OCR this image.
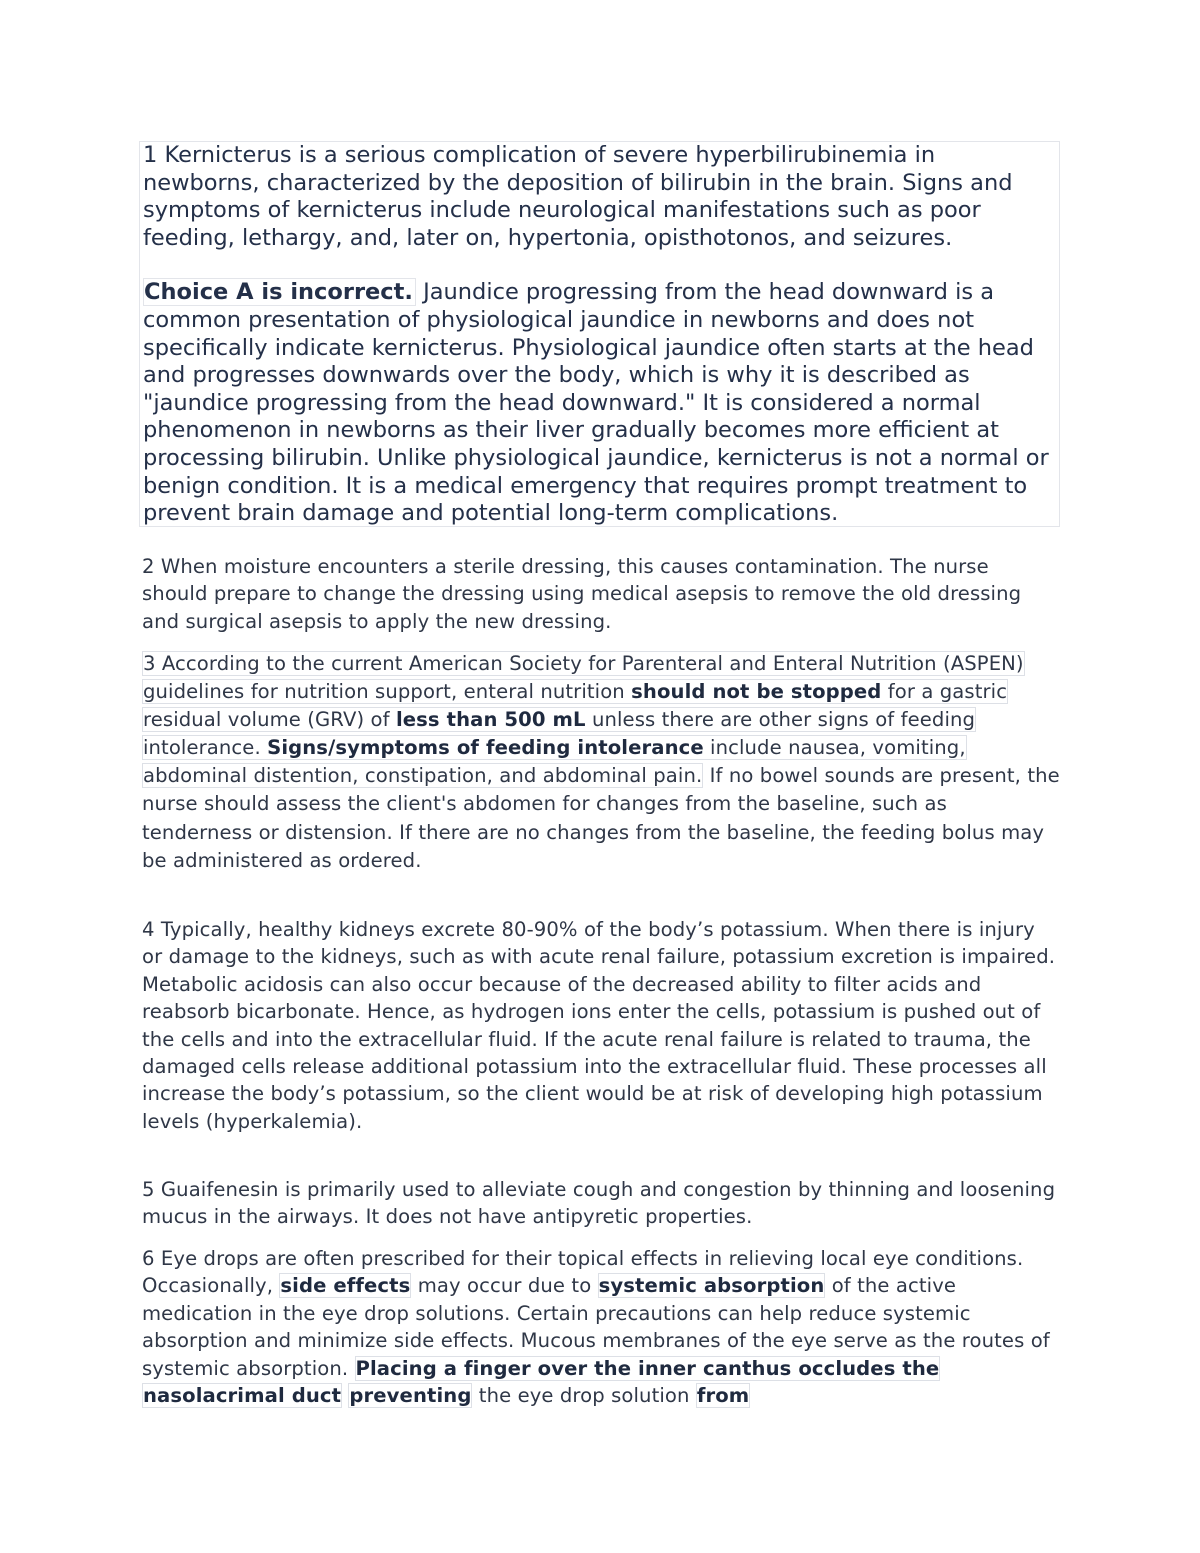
1 Kernicterus is a serious complication of severe hyperbilirubinemia in newborns, characterized by the deposition of bilirubin in the brain. Signs and symptoms of kernicterus include neurological manifestations such as poor feeding, lethargy, and, later on, hypertonia, opisthotonos, and seizures.

Choice A is incorrect. Jaundice progressing from the head downward is a common presentation of physiological jaundice in newborns and does not specifically indicate kernicterus. Physiological jaundice often starts at the head and progresses downwards over the body, which is why it is described as "jaundice progressing from the head downward." It is considered a normal phenomenon in newborns as their liver gradually becomes more efficient at processing bilirubin. Unlike physiological jaundice, kernicterus is not a normal or benign condition. It is a medical emergency that requires prompt treatment to prevent brain damage and potential long-term complications.

2 When moisture encounters a sterile dressing, this causes contamination. The nurse should prepare to change the dressing using medical asepsis to remove the old dressing and surgical asepsis to apply the new dressing.

3 According to the current American Society for Parenteral and Enteral Nutrition (ASPEN) guidelines for nutrition support, enteral nutrition should not be stopped for a gastric residual volume (GRV) of less than 500 mL unless there are other signs of feeding intolerance. Signs/symptoms of feeding intolerance include nausea, vomiting, abdominal distention, constipation, and abdominal pain. If no bowel sounds are present, the nurse should assess the client's abdomen for changes from the baseline, such as tenderness or distension. If there are no changes from the baseline, the feeding bolus may be administered as ordered.

4 Typically, healthy kidneys excrete 80-90% of the body’s potassium. When there is injury or damage to the kidneys, such as with acute renal failure, potassium excretion is impaired. Metabolic acidosis can also occur because of the decreased ability to filter acids and reabsorb bicarbonate. Hence, as hydrogen ions enter the cells, potassium is pushed out of the cells and into the extracellular fluid. If the acute renal failure is related to trauma, the damaged cells release additional potassium into the extracellular fluid. These processes all increase the body’s potassium, so the client would be at risk of developing high potassium levels (hyperkalemia).

5 Guaifenesin is primarily used to alleviate cough and congestion by thinning and loosening mucus in the airways. It does not have antipyretic properties.

6 Eye drops are often prescribed for their topical effects in relieving local eye conditions. Occasionally, side effects may occur due to systemic absorption of the active medication in the eye drop solutions. Certain precautions can help reduce systemic absorption and minimize side effects. Mucous membranes of the eye serve as the routes of systemic absorption. Placing a finger over the inner canthus occludes the nasolacrimal duct preventing the eye drop solution from
